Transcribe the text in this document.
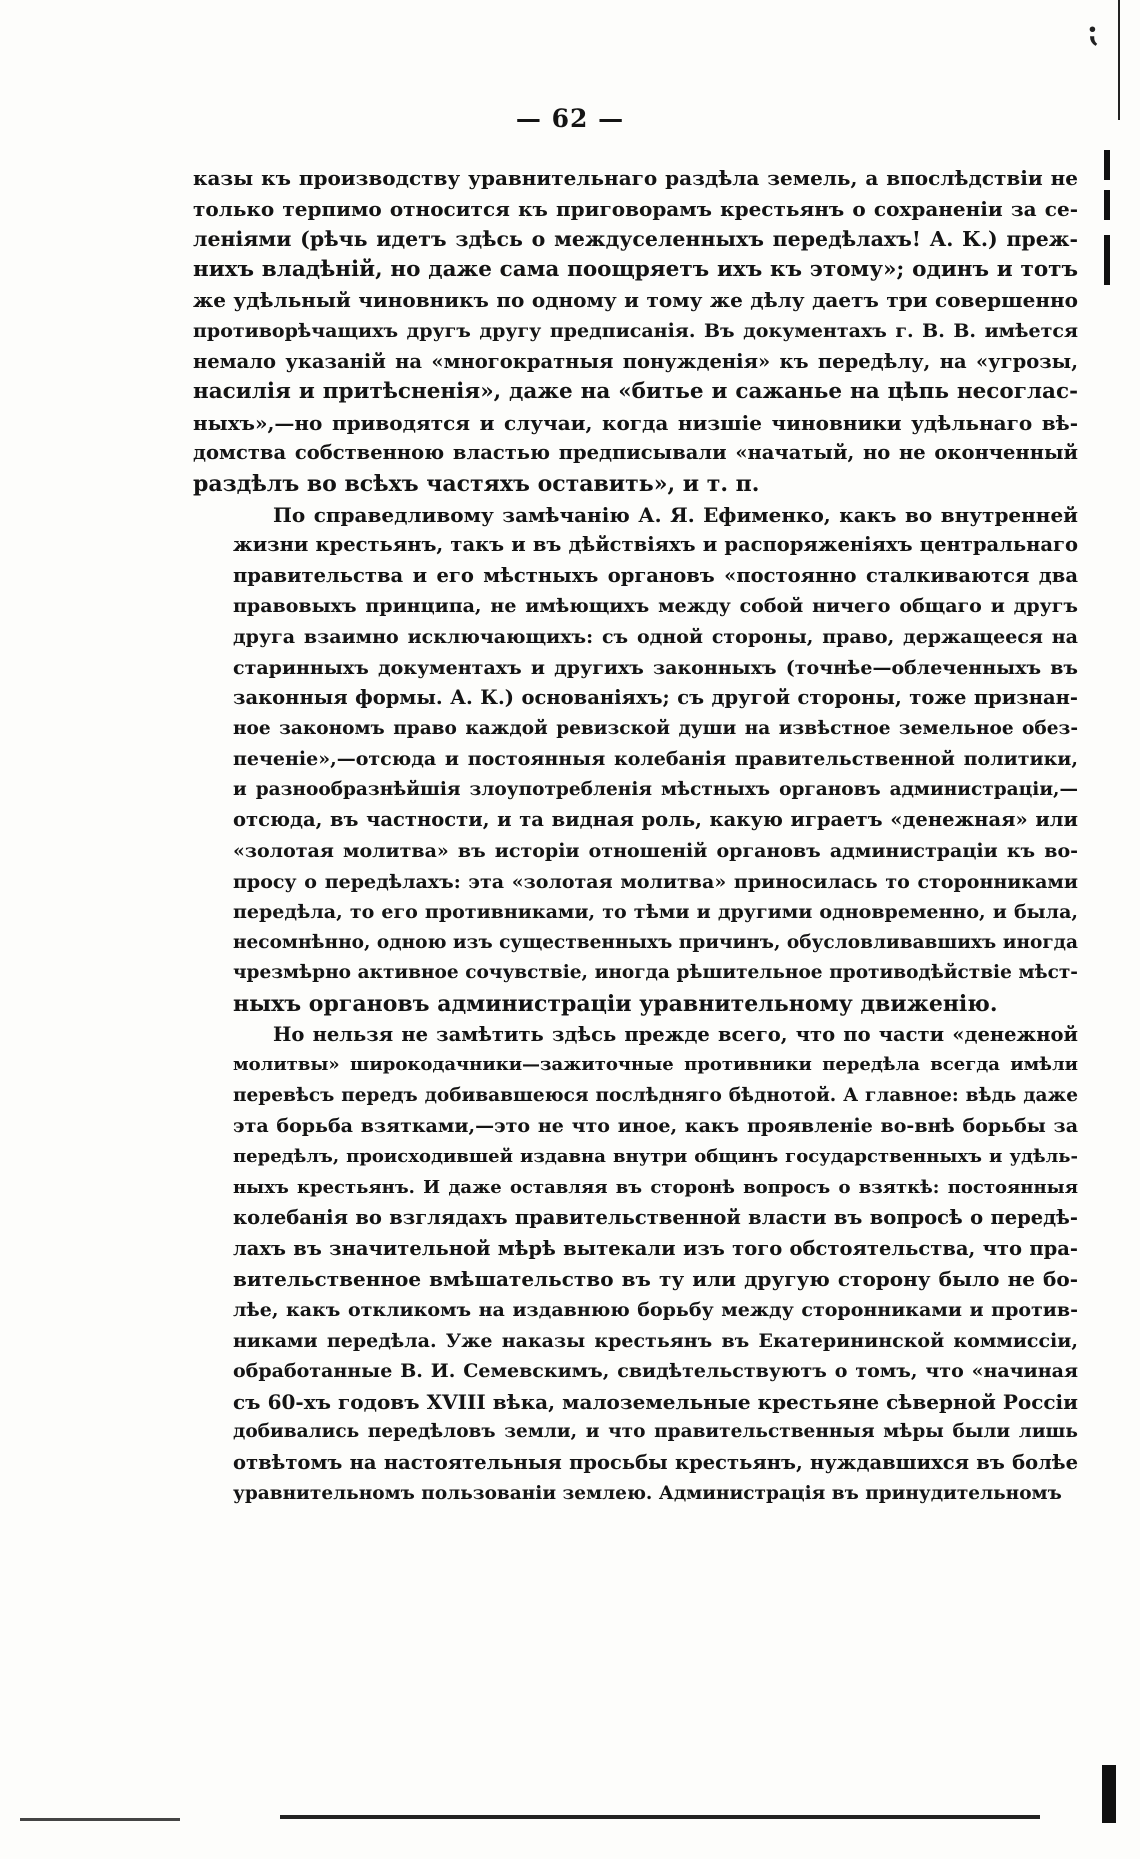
⁏
— 62 —
казы къ производству уравнительнаго раздѣла земель, а впослѣдствіи не
только терпимо относится къ приговорамъ крестьянъ о сохраненіи за се-
леніями (рѣчь идетъ здѣсь о междуселенныхъ передѣлахъ! А. К.) преж-
нихъ владѣній, но даже сама поощряетъ ихъ къ этому»; одинъ и тотъ
же удѣльный чиновникъ по одному и тому же дѣлу даетъ три совершенно
противорѣчащихъ другъ другу предписанія. Въ документахъ г. В. В. имѣется
немало указаній на «многократныя понужденія» къ передѣлу, на «угрозы,
насилія и притѣсненія», даже на «битье и сажанье на цѣпь несоглас-
ныхъ»,—но приводятся и случаи, когда низшіе чиновники удѣльнаго вѣ-
домства собственною властью предписывали «начатый, но не оконченный
раздѣлъ во всѣхъ частяхъ оставить», и т. п.
По справедливому замѣчанію А. Я. Ефименко, какъ во внутренней
жизни крестьянъ, такъ и въ дѣйствіяхъ и распоряженіяхъ центральнаго
правительства и его мѣстныхъ органовъ «постоянно сталкиваются два
правовыхъ принципа, не имѣющихъ между собой ничего общаго и другъ
друга взаимно исключающихъ: съ одной стороны, право, держащееся на
старинныхъ документахъ и другихъ законныхъ (точнѣе—облеченныхъ въ
законныя формы. А. К.) основаніяхъ; съ другой стороны, тоже признан-
ное закономъ право каждой ревизской души на извѣстное земельное обез-
печеніе»,—отсюда и постоянныя колебанія правительственной политики,
и разнообразнѣйшія злоупотребленія мѣстныхъ органовъ администраціи,—
отсюда, въ частности, и та видная роль, какую играетъ «денежная» или
«золотая молитва» въ исторіи отношеній органовъ администраціи къ во-
просу о передѣлахъ: эта «золотая молитва» приносилась то сторонниками
передѣла, то его противниками, то тѣми и другими одновременно, и была,
несомнѣнно, одною изъ существенныхъ причинъ, обусловливавшихъ иногда
чрезмѣрно активное сочувствіе, иногда рѣшительное противодѣйствіе мѣст-
ныхъ органовъ администраціи уравнительному движенію.
Но нельзя не замѣтить здѣсь прежде всего, что по части «денежной
молитвы» широкодачники—зажиточные противники передѣла всегда имѣли
перевѣсъ передъ добивавшеюся послѣдняго бѣднотой. А главное: вѣдь даже
эта борьба взятками,—это не что иное, какъ проявленіе во-внѣ борьбы за
передѣлъ, происходившей издавна внутри общинъ государственныхъ и удѣль-
ныхъ крестьянъ. И даже оставляя въ сторонѣ вопросъ о взяткѣ: постоянныя
колебанія во взглядахъ правительственной власти въ вопросѣ о передѣ-
лахъ въ значительной мѣрѣ вытекали изъ того обстоятельства, что пра-
вительственное вмѣшательство въ ту или другую сторону было не бо-
лѣе, какъ откликомъ на издавнюю борьбу между сторонниками и против-
никами передѣла. Уже наказы крестьянъ въ Екатерининской коммиссіи,
обработанные В. И. Семевскимъ, свидѣтельствуютъ о томъ, что «начиная
съ 60-хъ годовъ XVIII вѣка, малоземельные крестьяне сѣверной Россіи
добивались передѣловъ земли, и что правительственныя мѣры были лишь
отвѣтомъ на настоятельныя просьбы крестьянъ, нуждавшихся въ болѣе
уравнительномъ пользованіи землею. Администрація въ принудительномъ
